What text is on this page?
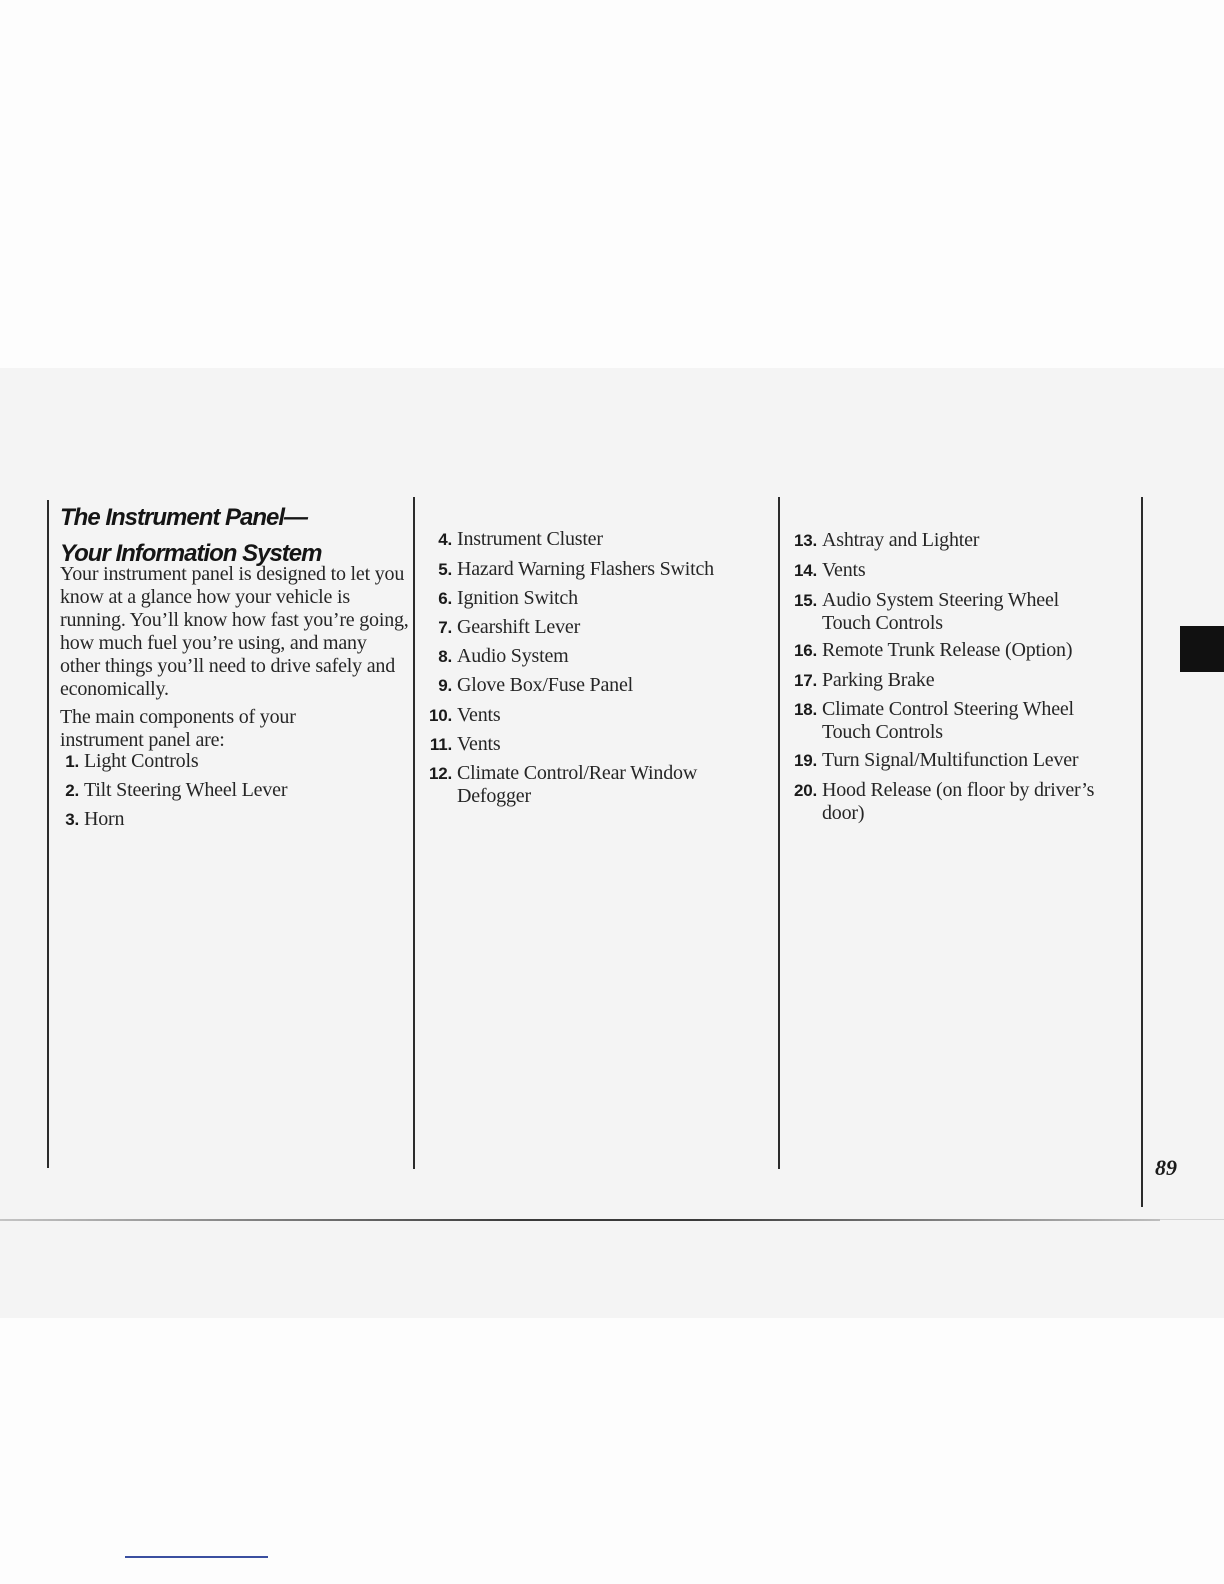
The Instrument Panel—
Your Information System

Your instrument panel is designed to let you know at a glance how your vehicle is running. You’ll know how fast you’re going, how much fuel you’re using, and many other things you’ll need to drive safely and economically.

The main components of your instrument panel are:

1. Light Controls
2. Tilt Steering Wheel Lever
3. Horn
4. Instrument Cluster
5. Hazard Warning Flashers Switch
6. Ignition Switch
7. Gearshift Lever
8. Audio System
9. Glove Box/Fuse Panel
10. Vents
11. Vents
12. Climate Control/Rear Window Defogger
13. Ashtray and Lighter
14. Vents
15. Audio System Steering Wheel Touch Controls
16. Remote Trunk Release (Option)
17. Parking Brake
18. Climate Control Steering Wheel Touch Controls
19. Turn Signal/Multifunction Lever
20. Hood Release (on floor by driver’s door)
89
